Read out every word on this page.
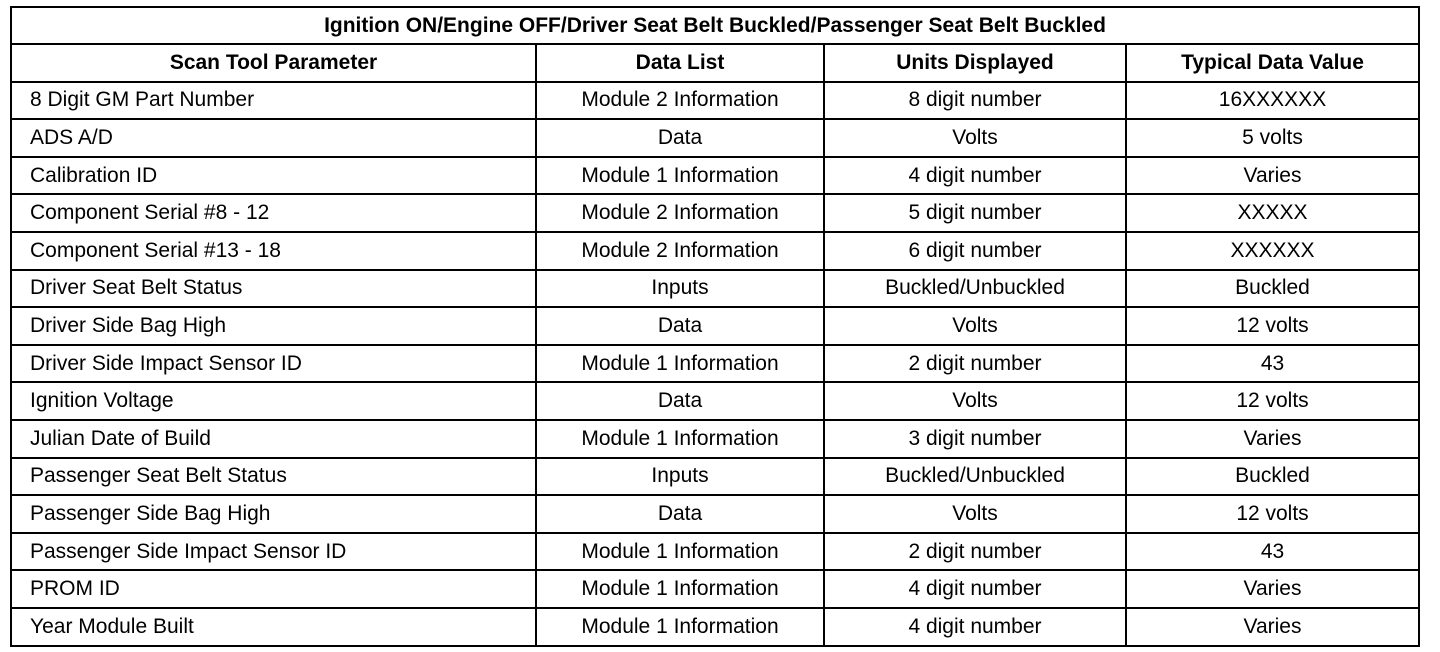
Ignition ON/Engine OFF/Driver Seat Belt Buckled/Passenger Seat Belt Buckled			
Scan Tool Parameter	Data List	Units Displayed	Typical Data Value
8 Digit GM Part Number	Module 2 Information	8 digit number	16XXXXXX
ADS A/D	Data	Volts	5 volts
Calibration ID	Module 1 Information	4 digit number	Varies
Component Serial #8 - 12	Module 2 Information	5 digit number	XXXXX
Component Serial #13 - 18	Module 2 Information	6 digit number	XXXXXX
Driver Seat Belt Status	Inputs	Buckled/Unbuckled	Buckled
Driver Side Bag High	Data	Volts	12 volts
Driver Side Impact Sensor ID	Module 1 Information	2 digit number	43
Ignition Voltage	Data	Volts	12 volts
Julian Date of Build	Module 1 Information	3 digit number	Varies
Passenger Seat Belt Status	Inputs	Buckled/Unbuckled	Buckled
Passenger Side Bag High	Data	Volts	12 volts
Passenger Side Impact Sensor ID	Module 1 Information	2 digit number	43
PROM ID	Module 1 Information	4 digit number	Varies
Year Module Built	Module 1 Information	4 digit number	Varies
